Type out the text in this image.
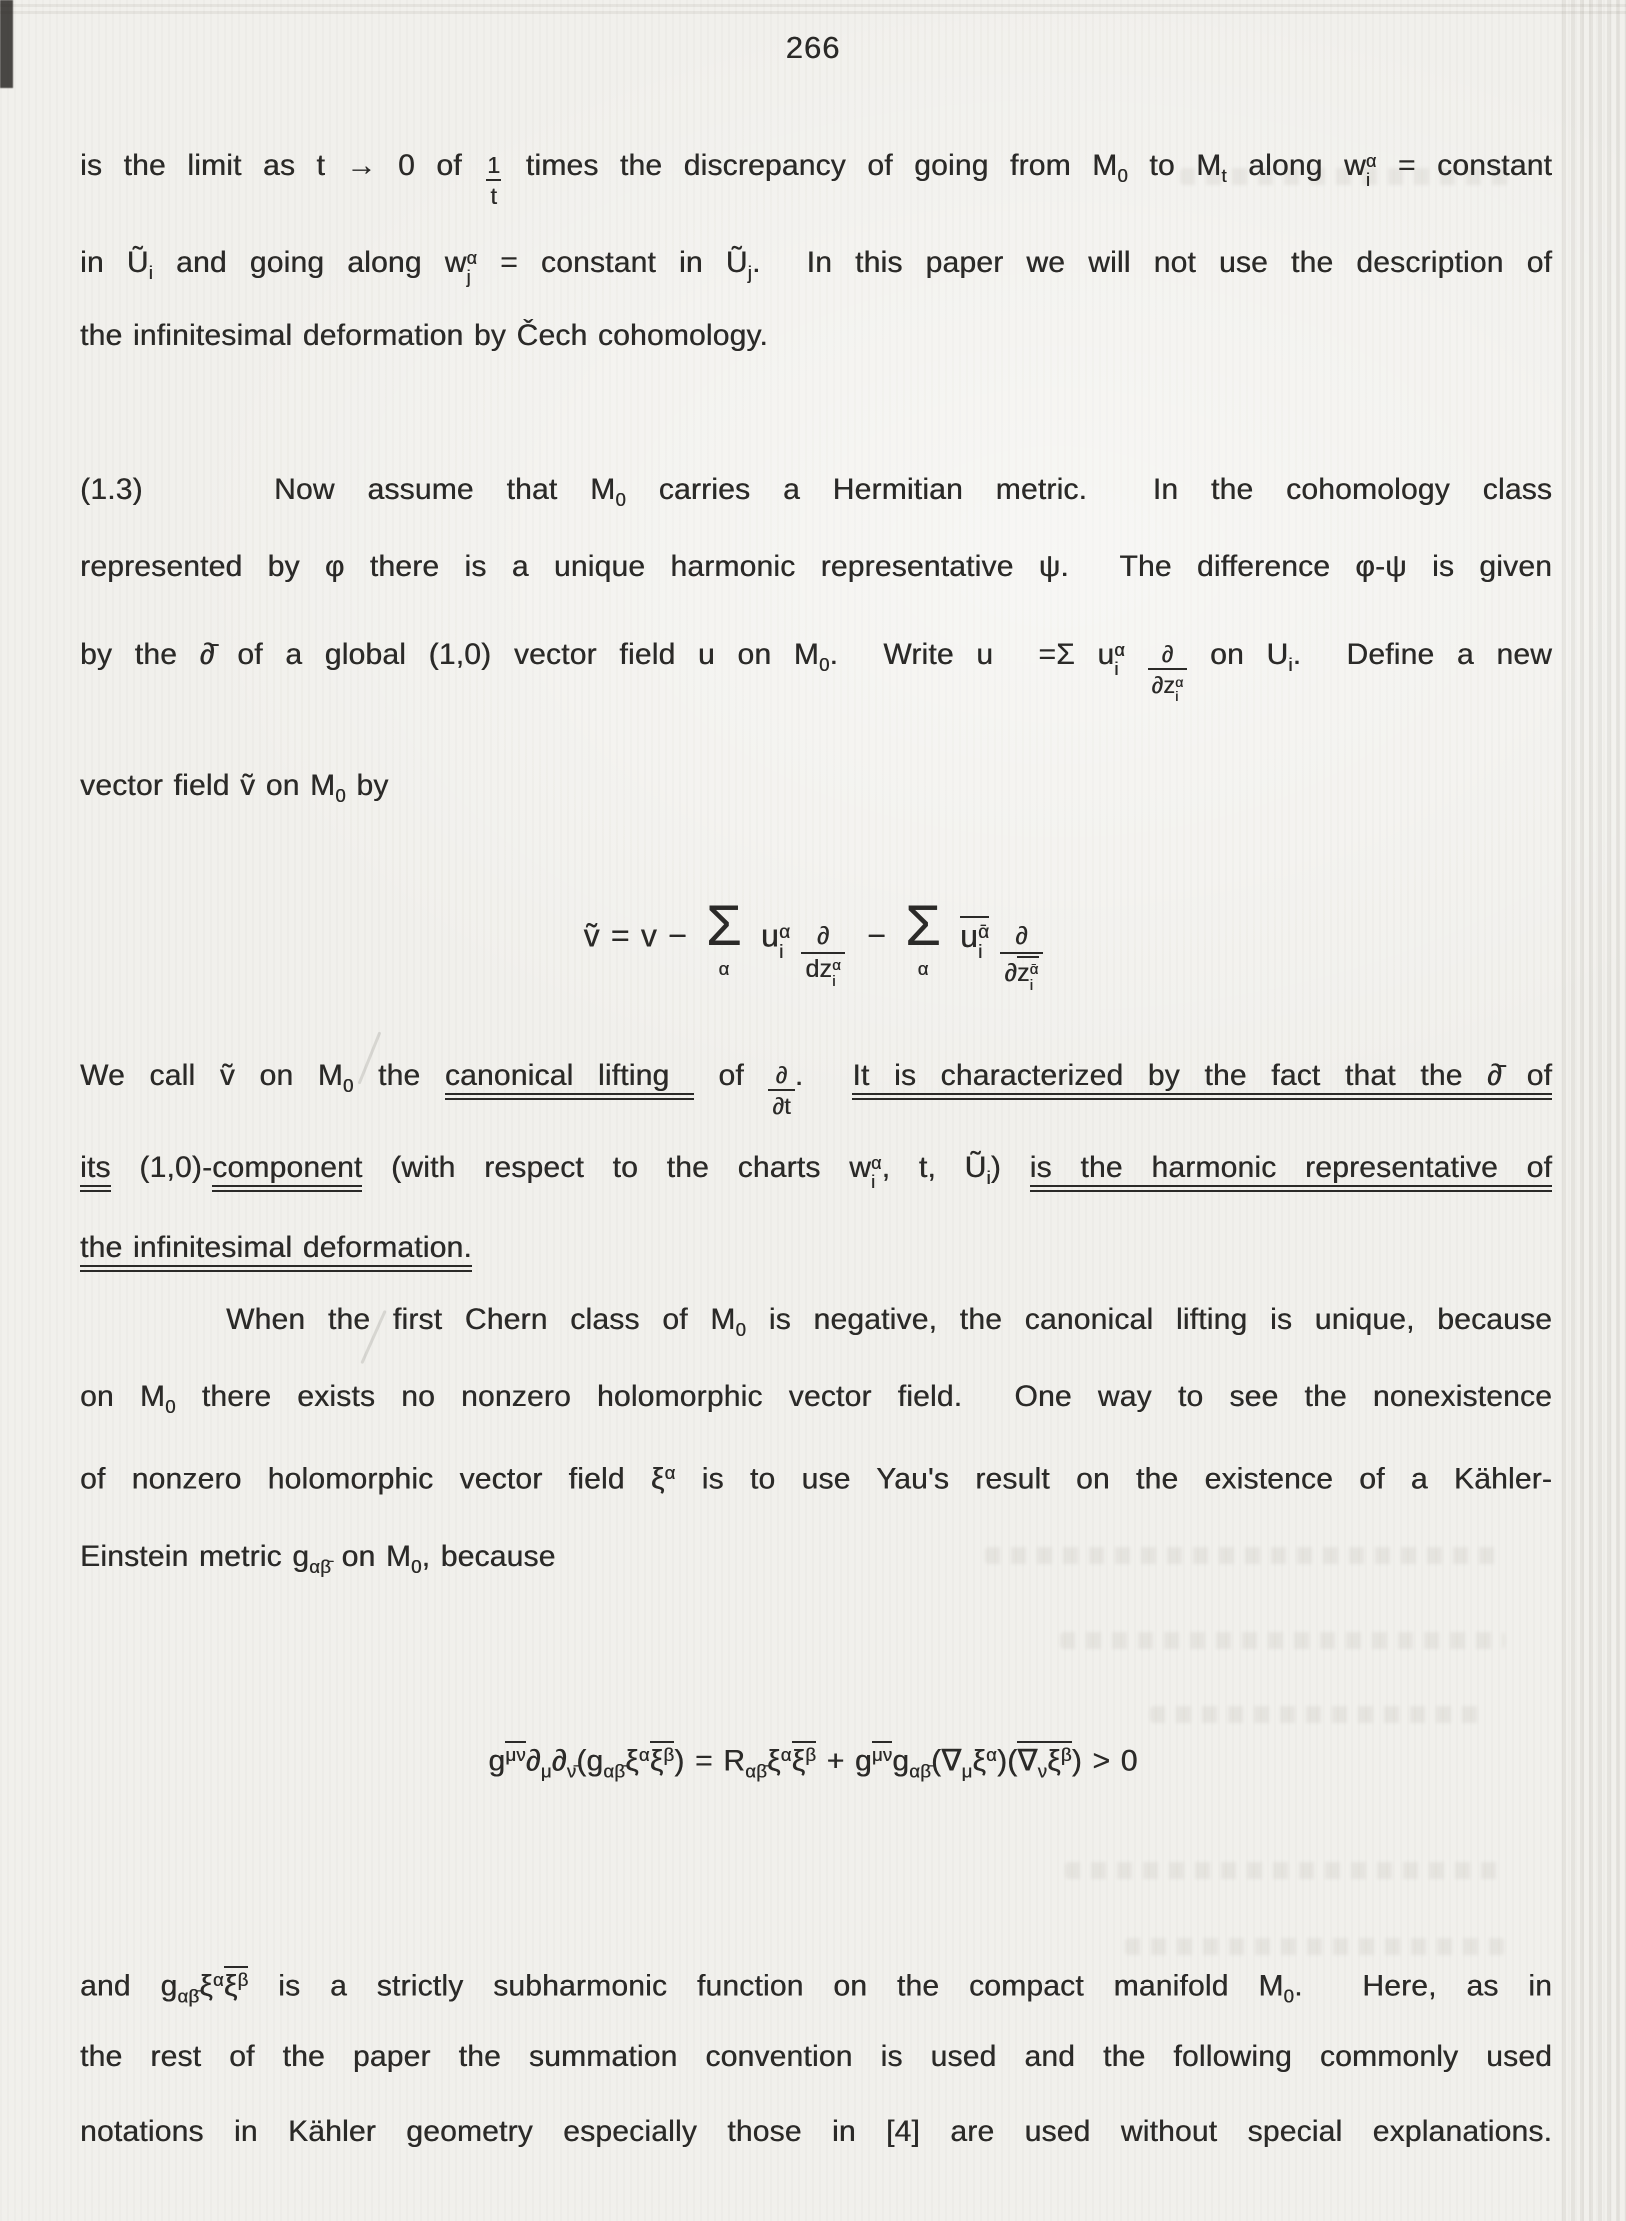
266
is the limit as t → 0 of $\frac{1}{t}$ times the discrepancy of going from $M_0$ to $M_t$ along w α
i = constant
in $Ũ_i$ and going along w α
j = constant in $Ũ_j$.  In this paper we will not use the description of
the infinitesimal deformation by Čech cohomology.
(1.3)    Now assume that $M_0$ carries a Hermitian metric.  In the cohomology class
represented by φ there is a unique harmonic representative ψ.  The difference φ-ψ is given
by the ∂̄ of a global (1,0) vector field u on $M_0$.  Write u  =Σ u α
i
∂
∂z α
i on $U_i$.  Define a new
vector field ṽ on $M_0$ by
ṽ = v − Σ
α
u α
i
∂
dz α
i − Σ
α
u ᾱ
i
∂
∂z ᾱ
i
We call ṽ on $M_0$ the canonical lifting  of $\frac{\partial}{\partial t}$ .  It is characterized by the fact that the ∂̄ of
its (1,0)-component (with respect to the charts w α
i , t, $Ũ_i$) is the harmonic representative of
the infinitesimal deformation.
When the first Chern class of $M_0$ is negative, the canonical lifting is unique, because
on $M_0$ there exists no nonzero holomorphic vector field.  One way to see the nonexistence
of nonzero holomorphic vector field $\xi^\alpha$ is to use Yau's result on the existence of a Kähler-
Einstein metric $g_{\alpha\betā}$ on $M_0$, because
$g^{\mu\nu}\partial_\mu\partial_{\nū}(g_{\alpha\betā}\xi^\alpha\xi^\beta) = R_{\alpha\betā}\xi^\alpha\xi^\beta + g^{\mu\nu}g_{\alpha\betā}(\nabla_\mu\xi^\alpha)(\nabla_\nu\xi^\beta) > 0$
and $g_{\alpha\betā}\xi^\alpha\xi^\beta$ is a strictly subharmonic function on the compact manifold $M_0$.  Here, as in
the rest of the paper the summation convention is used and the following commonly used
notations in Kähler geometry especially those in [4] are used without special explanations.
